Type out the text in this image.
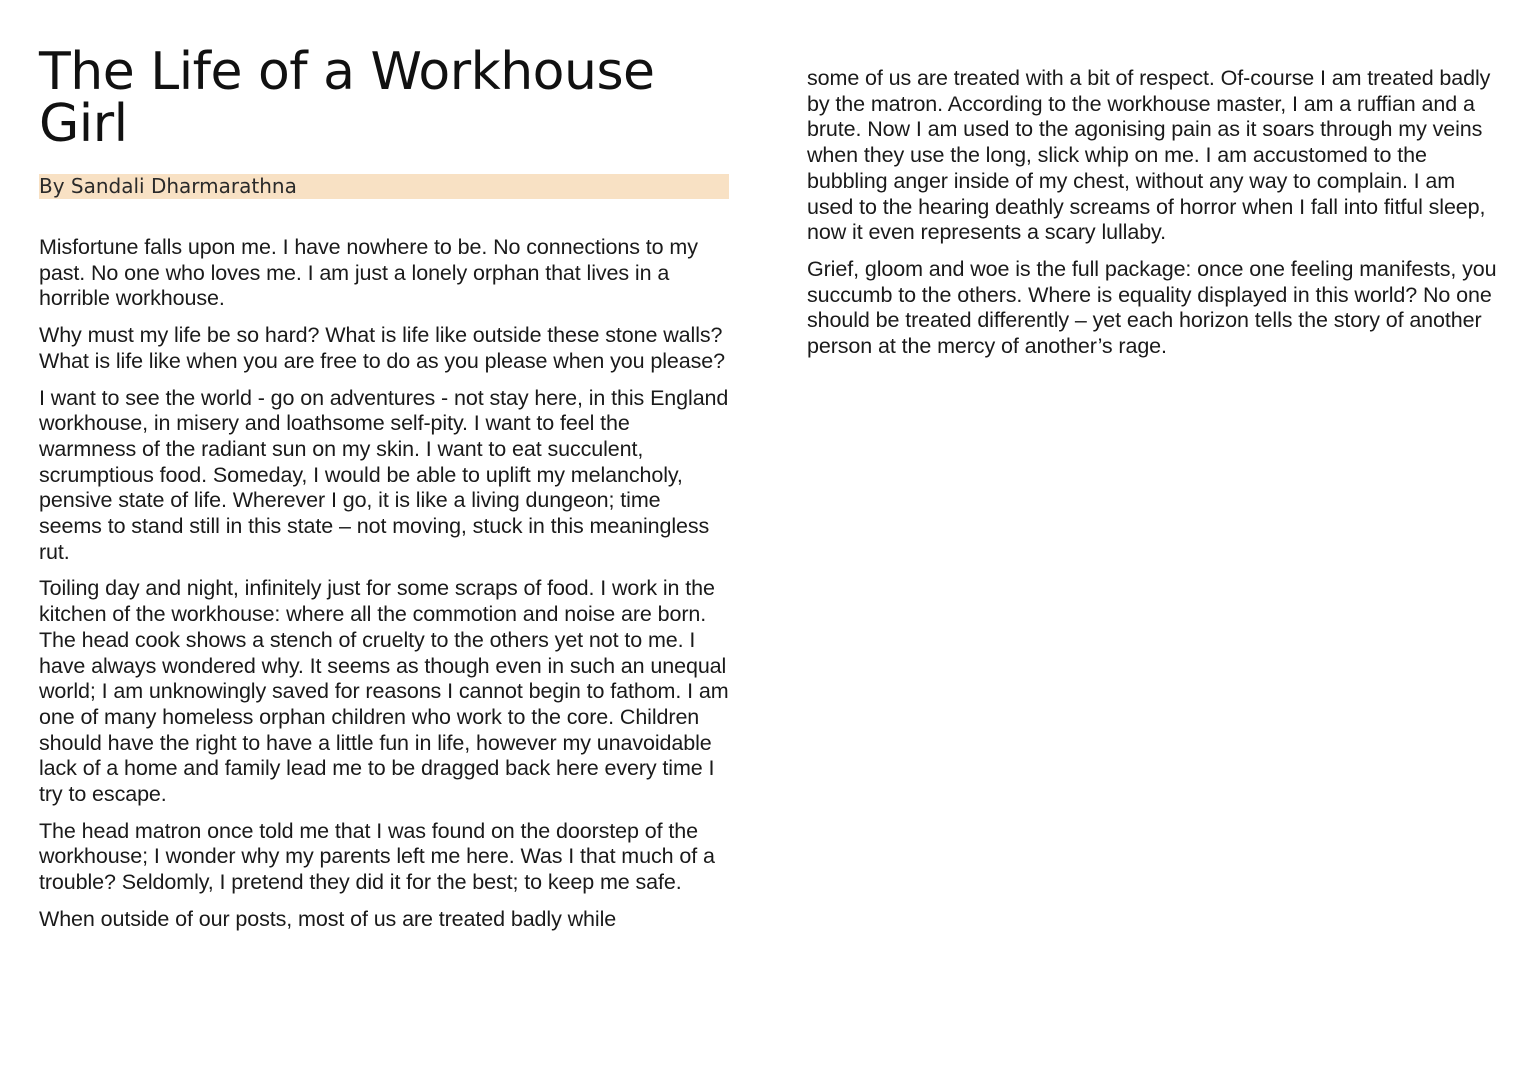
The Life of a Workhouse
Girl
By Sandali Dharmarathna

Misfortune falls upon me. I have nowhere to be. No connections to my past. No one who loves me. I am just a lonely orphan that lives in a horrible workhouse.

Why must my life be so hard? What is life like outside these stone walls? What is life like when you are free to do as you please when you please?

I want to see the world - go on adventures - not stay here, in this England workhouse, in misery and loathsome self-pity. I want to feel the warmness of the radiant sun on my skin. I want to eat succulent, scrumptious food. Someday, I would be able to uplift my melancholy, pensive state of life. Wherever I go, it is like a living dungeon; time seems to stand still in this state – not moving, stuck in this meaningless rut.

Toiling day and night, infinitely just for some scraps of food. I work in the kitchen of the workhouse: where all the commotion and noise are born. The head cook shows a stench of cruelty to the others yet not to me. I have always wondered why. It seems as though even in such an unequal world; I am unknowingly saved for reasons I cannot begin to fathom. I am one of many homeless orphan children who work to the core. Children should have the right to have a little fun in life, however my unavoidable lack of a home and family lead me to be dragged back here every time I try to escape.

The head matron once told me that I was found on the doorstep of the workhouse; I wonder why my parents left me here. Was I that much of a trouble? Seldomly, I pretend they did it for the best; to keep me safe.

When outside of our posts, most of us are treated badly while

some of us are treated with a bit of respect. Of-course I am treated badly by the matron. According to the workhouse master, I am a ruffian and a brute. Now I am used to the agonising pain as it soars through my veins when they use the long, slick whip on me. I am accustomed to the bubbling anger inside of my chest, without any way to complain. I am used to the hearing deathly screams of horror when I fall into fitful sleep, now it even represents a scary lullaby.

Grief, gloom and woe is the full package: once one feeling manifests, you succumb to the others. Where is equality displayed in this world? No one should be treated differently – yet each horizon tells the story of another person at the mercy of another’s rage.
